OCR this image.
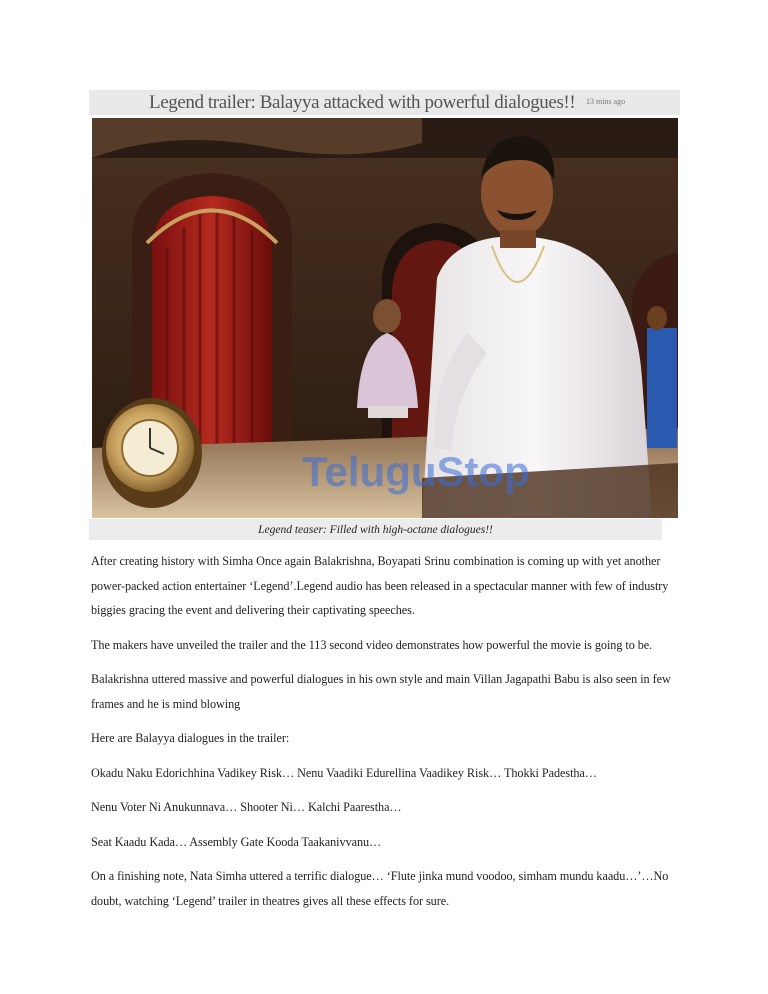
Legend trailer: Balayya attacked with powerful dialogues!! 13 mins ago
TeluguStop
Legend teaser: Filled with high-octane dialogues!!

After creating history with Simha Once again Balakrishna, Boyapati Srinu combination is coming up with yet another power-packed action entertainer ‘Legend’.Legend audio has been released in a spectacular manner with few of industry biggies gracing the event and delivering their captivating speeches.

The makers have unveiled the trailer and the 113 second video demonstrates how powerful the movie is going to be.

Balakrishna uttered massive and powerful dialogues in his own style and main Villan Jagapathi Babu is also seen in few frames and he is mind blowing

Here are Balayya dialogues in the trailer:

Okadu Naku Edorichhina Vadikey Risk… Nenu Vaadiki Edurellina Vaadikey Risk… Thokki Padestha…

Nenu Voter Ni Anukunnava… Shooter Ni… Kalchi Paarestha…

Seat Kaadu Kada… Assembly Gate Kooda Taakanivvanu…

On a finishing note, Nata Simha uttered a terrific dialogue… ‘Flute jinka mund voodoo, simham mundu kaadu…’…No doubt, watching ‘Legend’ trailer in theatres gives all these effects for sure.
